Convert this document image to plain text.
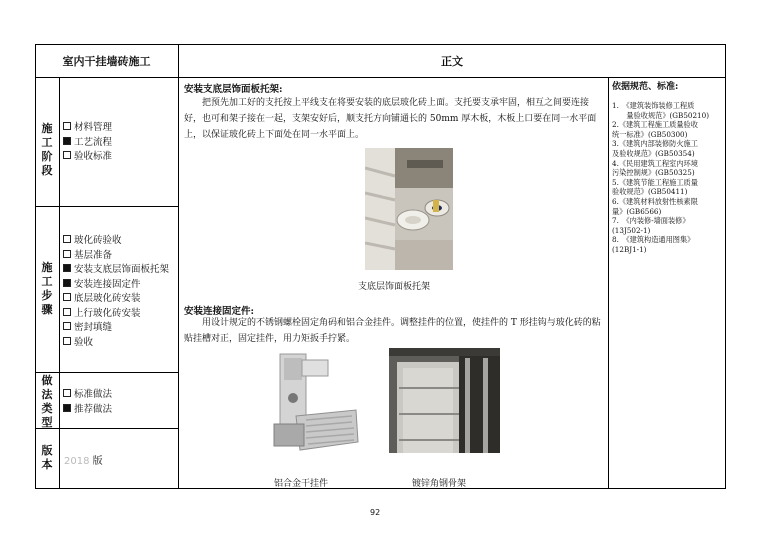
室内干挂墙砖施工	正文
施工阶段
材料管理
工艺流程
验收标准
施工步骤
玻化砖验收
基层准备
安装支底层饰面板托架
安装连接固定件
底层玻化砖安装
上行玻化砖安装
密封填缝
验收
做法类型
标准做法
推荐做法
版本 2018 版
安装支底层饰面板托架:
把预先加工好的支托按上平线支在将要安装的底层玻化砖上面。支托要支承牢固，相互之间要连接好，也可和架子接在一起，支架安好后，顺支托方向铺通长的 50mm 厚木板，木板上口要在同一水平面上，以保证玻化砖上下面处在同一水平面上。
支底层饰面板托架
安装连接固定件:
用设计规定的不锈钢螺栓固定角码和铝合金挂件。调整挂件的位置，使挂件的 T 形挂钩与玻化砖的粘贴挂槽对正，固定挂件，用力矩扳手拧紧。
铝合金干挂件	镀锌角钢骨架
依据规范、标准:
1.　《建筑装饰装修工程质
　　量验收规范》(GB50210)
2.《建筑工程施工质量验收
统一标准》(GB50300)
3.《建筑内部装修防火施工
及验收规范》(GB50354)
4.《民用建筑工程室内环境
污染控制规》(GB50325)
5.《建筑节能工程施工质量
验收规范》(GB50411)
6.《建筑材料放射性核素限
量》(GB6566)
7.　《内装修-墙面装修》
(13J502-1)
8.　《建筑构造通用图集》
(12BJ1-1)
92
